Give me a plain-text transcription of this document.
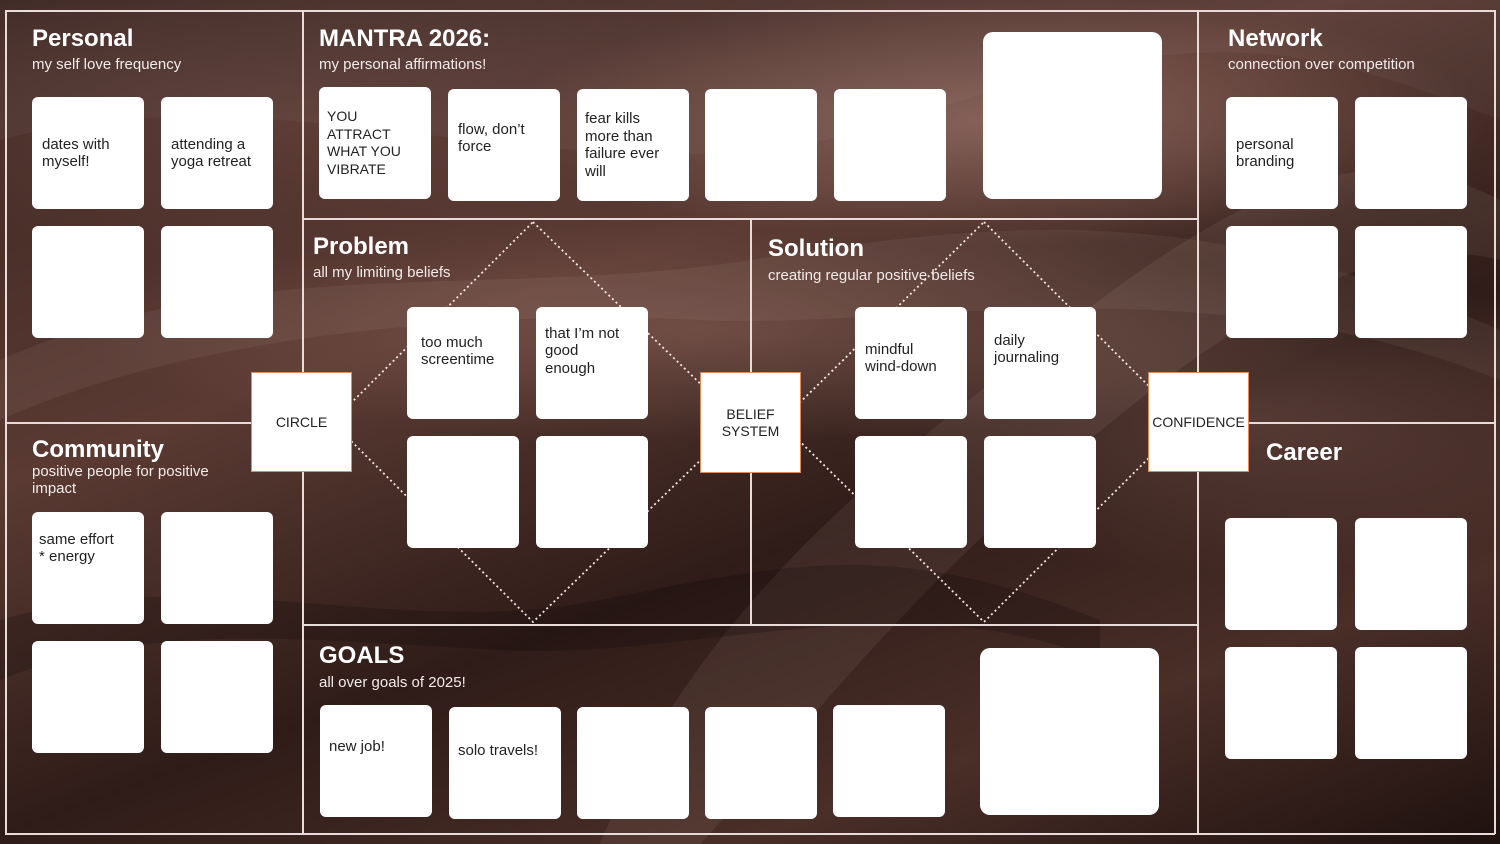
Personal
my self love frequency
MANTRA 2026:
my personal affirmations!
Network
connection over competition
Problem
all my limiting beliefs
Solution
creating regular positive beliefs
Community
positive people for positive
impact
Career
GOALS
all over goals of 2025!
dates with
myself!
attending a
yoga retreat
YOU
ATTRACT
WHAT YOU
VIBRATE
flow, don’t
force
fear kills
more than
failure ever
will
personal
branding
too much
screentime
that I’m not
good
enough
mindful
wind-down
daily
journaling
same effort
* energy
new job!	solo travels!
CIRCLE	BELIEF
SYSTEM
CONFIDENCE
